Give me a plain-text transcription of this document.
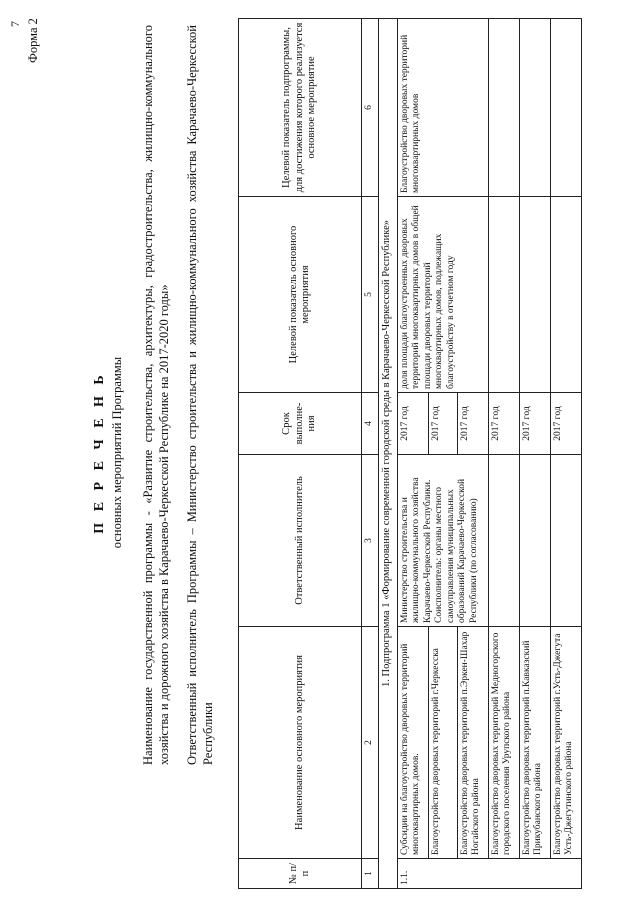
7 Форма 2
П Е Р Е Ч Е Н Ь основных мероприятий Программы Наименование государственной программы - «Развитие строительства, архитектуры, градостроительства, жилищно-коммунального хозяйства и дорожного хозяйства в Карачаево-Черкесской Республике на 2017-2020 годы» Ответственный исполнитель Программы – Министерство строительства и жилищно-коммунального хозяйства Карачаево-Черкесской Республики
№ п/п	Наименование основного мероприятия	Ответственный исполнитель	Срок выполне-ния	Целевой показатель основного мероприятия	Целевой показатель подпрограммы, для достижения которого реализуется основное мероприятие
1	2	3	4	5	6
1. Подпрограмма 1 «Формирование современной городской среды в Карачаево-Черкесской Республике»					
1.1.	Субсидии на благоустройство дворовых территорий многоквартирных домов.	Министерство строительства и жилищно-коммунального хозяйства Карачаево-Черкесской Республики. Соисполнитель: органы местного самоуправления муниципальных образований Карачаево-Черкесской Республики (по согласованию)	2017 год	доля площади благоустроенных дворовых территорий многоквартирных домов в общей площади дворовых территорий многоквартирных домов, подлежащих благоустройству в отчетном году	Благоустройство дворовых территорий многоквартирных домов
	Благоустройство дворовых территорий г.Черкесска		2017 год		
	Благоустройство дворовых территорий п.Эркен-Шахар Ногайского района		2017 год		
	Благоустройство дворовых территорий Медногорского городского поселения Урупского района		2017 год		
	Благоустройство дворовых территорий п.Кавказский Прикубанского района		2017 год		
	Благоустройство дворовых территорий г.Усть-Джегута Усть-Джегутинского района		2017 год		
